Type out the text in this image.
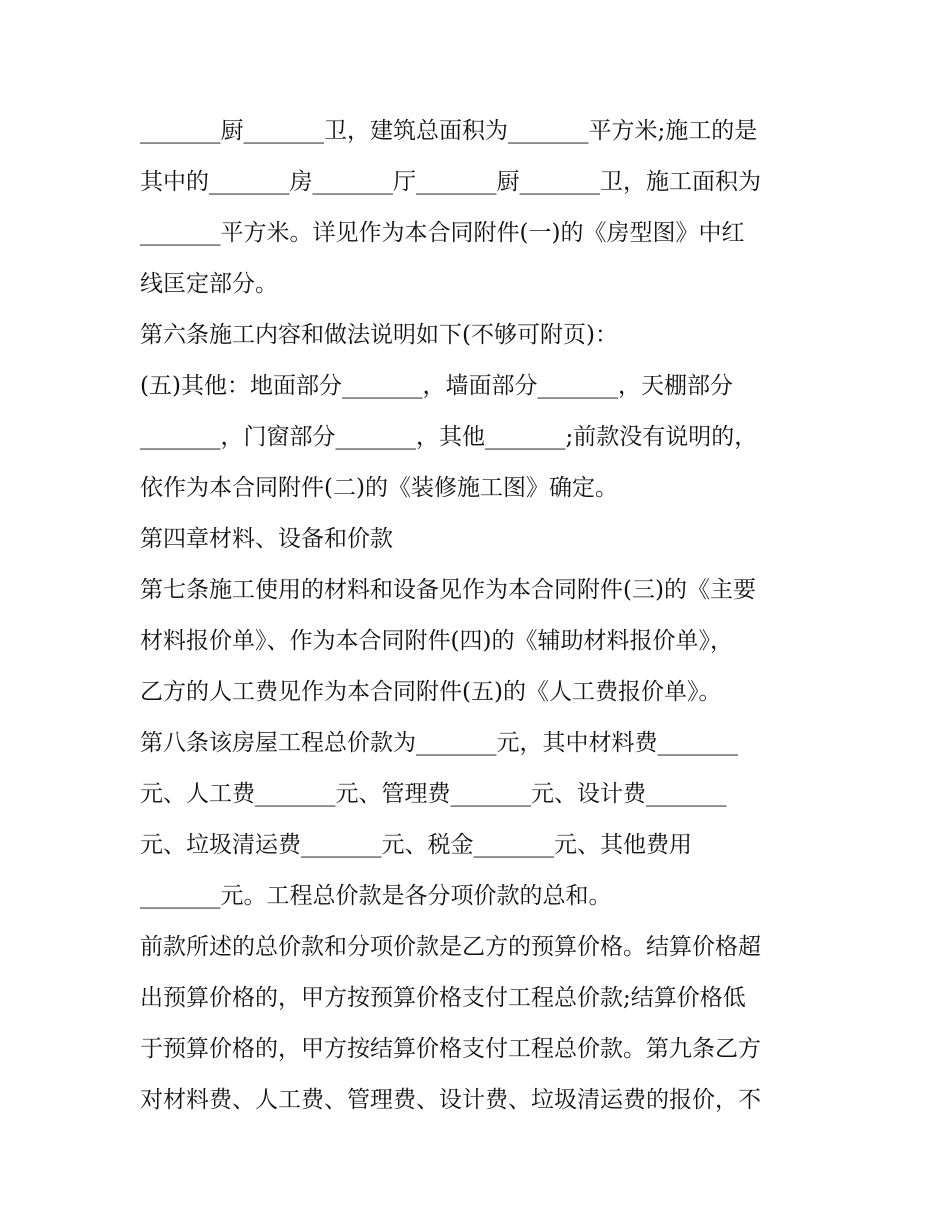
_______厨_______卫，建筑总面积为_______平方米;施工的是
其中的_______房_______厅_______厨_______卫，施工面积为
_______平方米。详见作为本合同附件(一)的《房型图》中红
线匡定部分。
第六条施工内容和做法说明如下(不够可附页)：
(五)其他：地面部分_______，墙面部分_______，天棚部分
_______，门窗部分_______，其他_______;前款没有说明的，
依作为本合同附件(二)的《装修施工图》确定。
第四章材料、设备和价款
第七条施工使用的材料和设备见作为本合同附件(三)的《主要
材料报价单》、作为本合同附件(四)的《辅助材料报价单》，
乙方的人工费见作为本合同附件(五)的《人工费报价单》。
第八条该房屋工程总价款为_______元，其中材料费_______
元、人工费_______元、管理费_______元、设计费_______
元、垃圾清运费_______元、税金_______元、其他费用
_______元。工程总价款是各分项价款的总和。
前款所述的总价款和分项价款是乙方的预算价格。结算价格超
出预算价格的，甲方按预算价格支付工程总价款;结算价格低
于预算价格的，甲方按结算价格支付工程总价款。第九条乙方
对材料费、人工费、管理费、设计费、垃圾清运费的报价，不
